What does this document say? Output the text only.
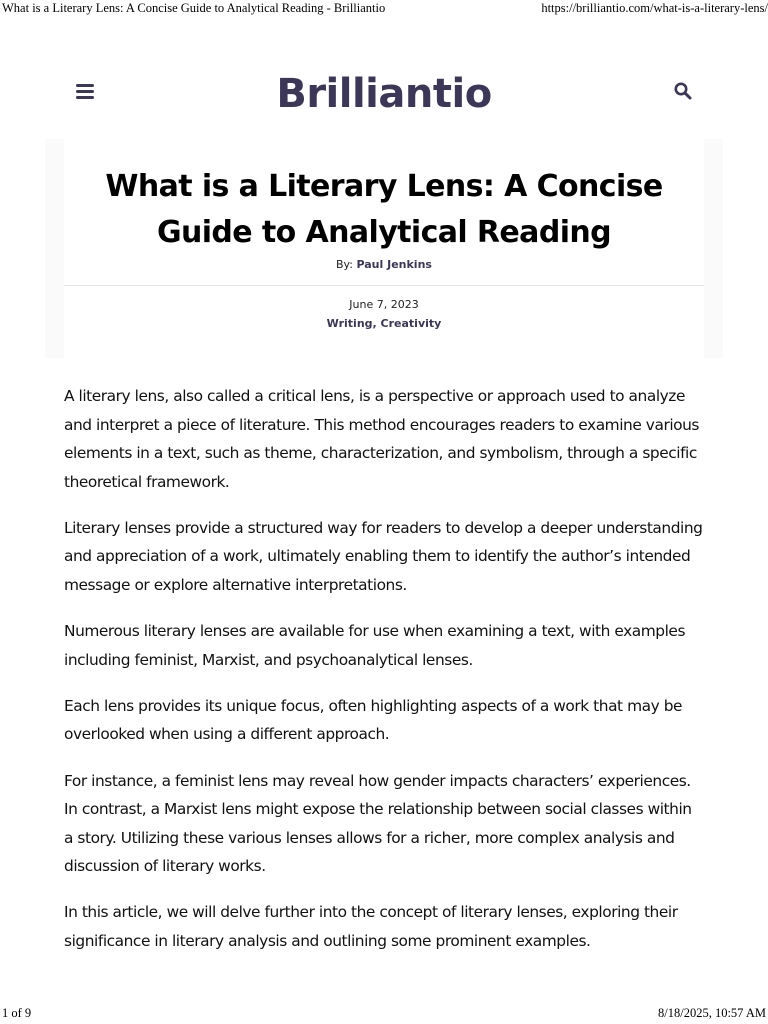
What is a Literary Lens: A Concise Guide to Analytical Reading - Brilliantio	https://brilliantio.com/what-is-a-literary-lens/
Brilliantio
What is a Literary Lens: A Concise Guide to Analytical Reading
By: Paul Jenkins
June 7, 2023
Writing, Creativity

A literary lens, also called a critical lens, is a perspective or approach used to analyze and interpret a piece of literature. This method encourages readers to examine various elements in a text, such as theme, characterization, and symbolism, through a specific theoretical framework.

Literary lenses provide a structured way for readers to develop a deeper understanding and appreciation of a work, ultimately enabling them to identify the author’s intended message or explore alternative interpretations.

Numerous literary lenses are available for use when examining a text, with examples including feminist, Marxist, and psychoanalytical lenses.

Each lens provides its unique focus, often highlighting aspects of a work that may be overlooked when using a different approach.

For instance, a feminist lens may reveal how gender impacts characters’ experiences. In contrast, a Marxist lens might expose the relationship between social classes within a story. Utilizing these various lenses allows for a richer, more complex analysis and discussion of literary works.

In this article, we will delve further into the concept of literary lenses, exploring their significance in literary analysis and outlining some prominent examples.

1 of 9	8/18/2025, 10:57 AM
